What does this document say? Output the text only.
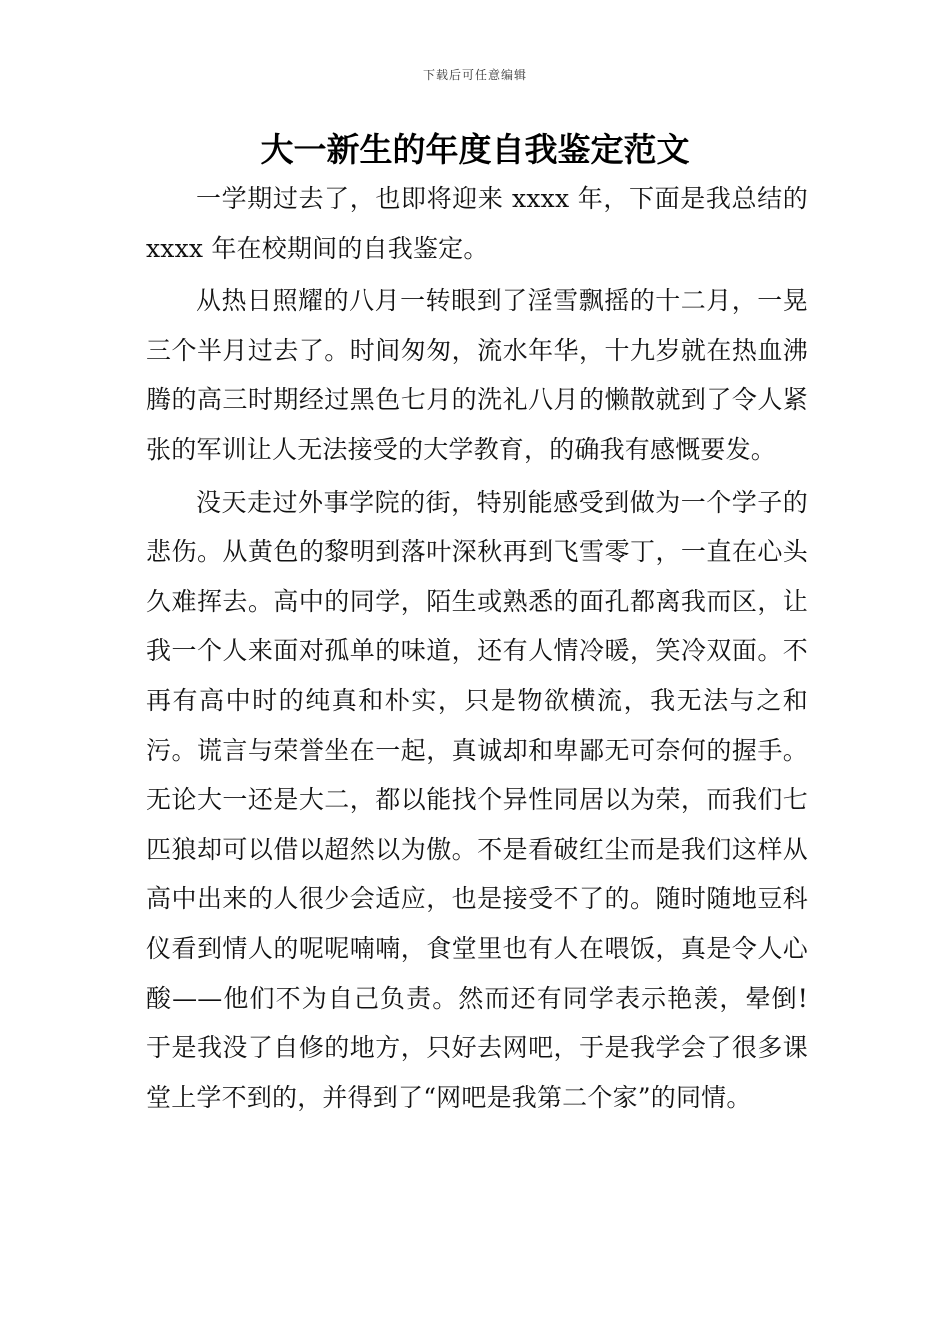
下载后可任意编辑
大一新生的年度自我鉴定范文

一学期过去了，也即将迎来 xxxx 年，下面是我总结的 xxxx 年在校期间的自我鉴定。

从热日照耀的八月一转眼到了淫雪飘摇的十二月，一晃三个半月过去了。时间匆匆，流水年华，十九岁就在热血沸腾的高三时期经过黑色七月的洗礼八月的懒散就到了令人紧张的军训让人无法接受的大学教育，的确我有感慨要发。

没天走过外事学院的街，特别能感受到做为一个学子的悲伤。从黄色的黎明到落叶深秋再到飞雪零丁，一直在心头久难挥去。高中的同学，陌生或熟悉的面孔都离我而区，让我一个人来面对孤单的味道，还有人情冷暖，笑冷双面。不再有高中时的纯真和朴实，只是物欲横流，我无法与之和污。谎言与荣誉坐在一起，真诚却和卑鄙无可奈何的握手。无论大一还是大二，都以能找个异性同居以为荣，而我们七匹狼却可以借以超然以为傲。不是看破红尘而是我们这样从高中出来的人很少会适应，也是接受不了的。随时随地豆科仪看到情人的呢呢喃喃，食堂里也有人在喂饭，真是令人心酸——他们不为自己负责。然而还有同学表示艳羡，晕倒!于是我没了自修的地方，只好去网吧，于是我学会了很多课堂上学不到的，并得到了“网吧是我第二个家”的同情。
